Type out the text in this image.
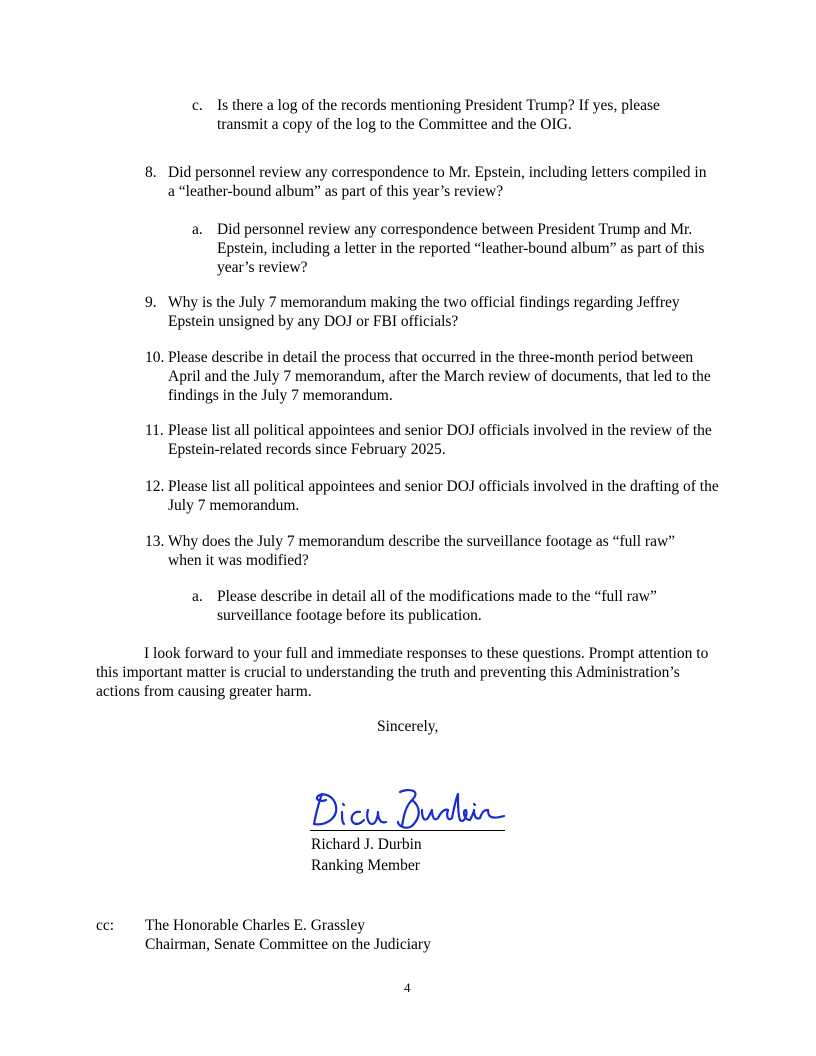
c. Is there a log of the records mentioning President Trump? If yes, please transmit a copy of the log to the Committee and the OIG.

8. Did personnel review any correspondence to Mr. Epstein, including letters compiled in a “leather-bound album” as part of this year’s review?

a. Did personnel review any correspondence between President Trump and Mr. Epstein, including a letter in the reported “leather-bound album” as part of this year’s review?

9. Why is the July 7 memorandum making the two official findings regarding Jeffrey Epstein unsigned by any DOJ or FBI officials?

10. Please describe in detail the process that occurred in the three-month period between April and the July 7 memorandum, after the March review of documents, that led to the findings in the July 7 memorandum.

11. Please list all political appointees and senior DOJ officials involved in the review of the Epstein-related records since February 2025.

12. Please list all political appointees and senior DOJ officials involved in the drafting of the July 7 memorandum.

13. Why does the July 7 memorandum describe the surveillance footage as “full raw” when it was modified?

a. Please describe in detail all of the modifications made to the “full raw” surveillance footage before its publication.

I look forward to your full and immediate responses to these questions. Prompt attention to this important matter is crucial to understanding the truth and preventing this Administration’s actions from causing greater harm.

Sincerely,
Richard J. Durbin
Ranking Member
cc: The Honorable Charles E. Grassley
Chairman, Senate Committee on the Judiciary
4
